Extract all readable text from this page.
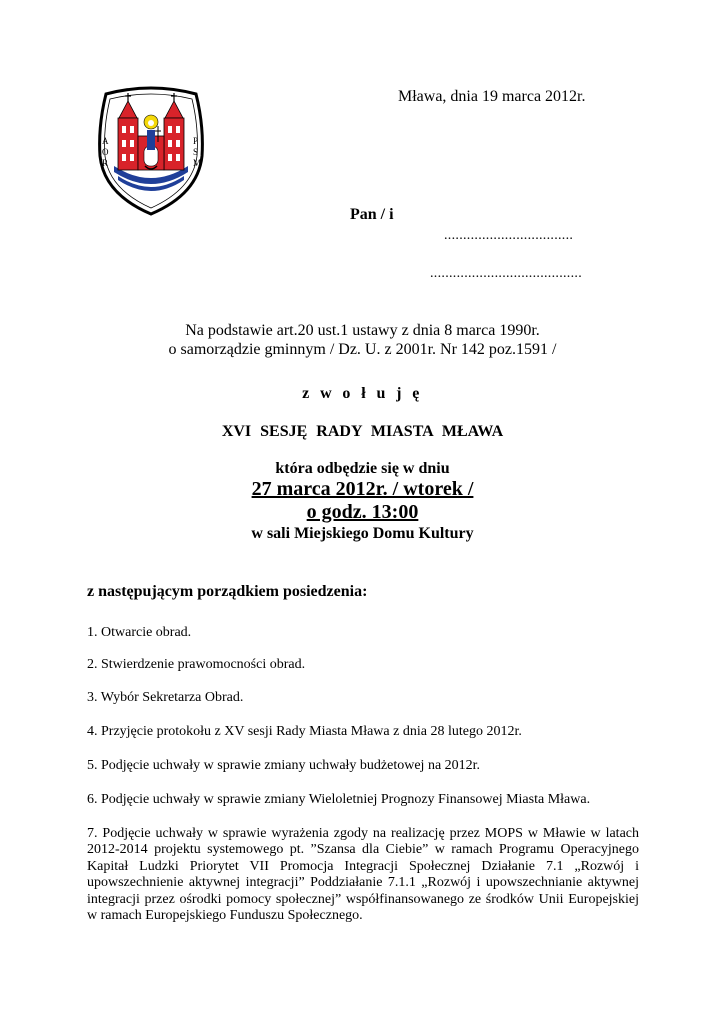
A
O
R
P
S
M
Mława, dnia 19 marca 2012r.
Pan / i
..................................
........................................
Na podstawie art.20 ust.1 ustawy z dnia 8 marca 1990r.
o samorządzie gminnym / Dz. U. z 2001r. Nr 142 poz.1591 /
z w o ł u j ę
XVI SESJĘ RADY MIASTA MŁAWA
która odbędzie się w dniu
27 marca 2012r. / wtorek /
o godz. 13:00
w sali Miejskiego Domu Kultury
z następującym porządkiem posiedzenia:
1. Otwarcie obrad.
2. Stwierdzenie prawomocności obrad.
3. Wybór Sekretarza Obrad.
4. Przyjęcie protokołu z XV sesji Rady Miasta Mława z dnia 28 lutego 2012r.
5. Podjęcie uchwały w sprawie zmiany uchwały budżetowej na 2012r.
6. Podjęcie uchwały w sprawie zmiany Wieloletniej Prognozy Finansowej Miasta Mława.
7. Podjęcie uchwały w sprawie wyrażenia zgody na realizację przez MOPS w Mławie w latach 2012-2014 projektu systemowego pt. ”Szansa dla Ciebie” w ramach Programu Operacyjnego Kapitał Ludzki Priorytet VII Promocja Integracji Społecznej Działanie 7.1 „Rozwój i upowszechnienie aktywnej integracji” Poddziałanie 7.1.1 „Rozwój i upowszechnianie aktywnej integracji przez ośrodki pomocy społecznej” współfinansowanego ze środków Unii Europejskiej w ramach Europejskiego Funduszu Społecznego.
